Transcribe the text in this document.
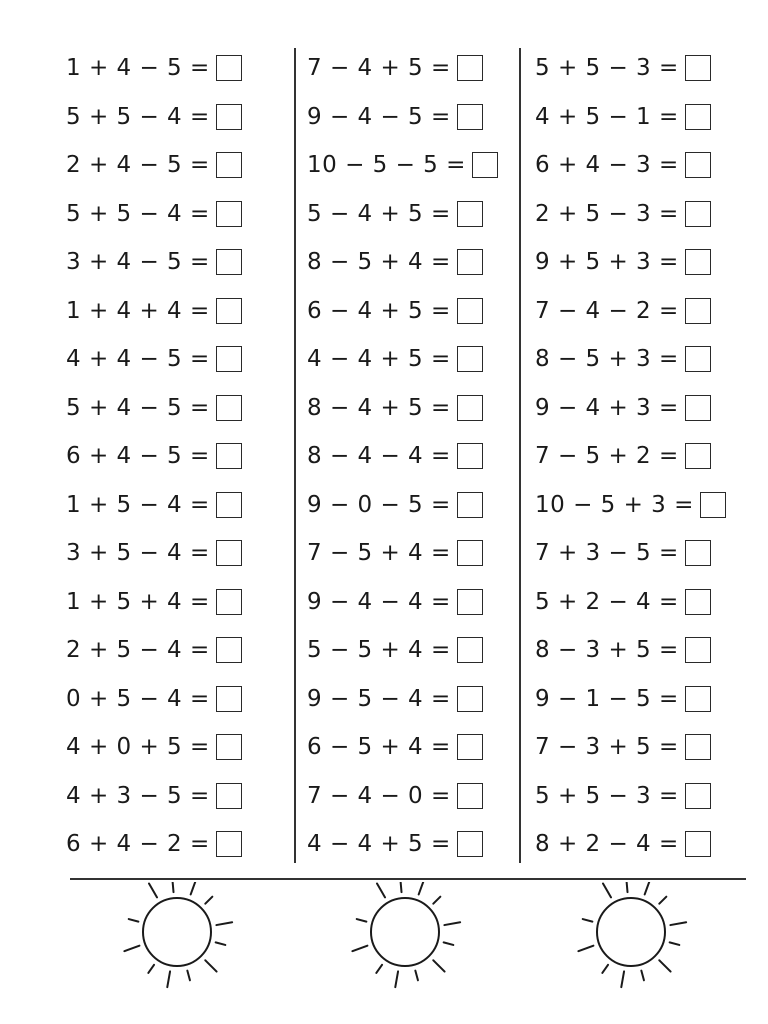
1 + 4 − 5 =
5 + 5 − 4 =
2 + 4 − 5 =
5 + 5 − 4 =
3 + 4 − 5 =
1 + 4 + 4 =
4 + 4 − 5 =
5 + 4 − 5 =
6 + 4 − 5 =
1 + 5 − 4 =
3 + 5 − 4 =
1 + 5 + 4 =
2 + 5 − 4 =
0 + 5 − 4 =
4 + 0 + 5 =
4 + 3 − 5 =
6 + 4 − 2 =
7 − 4 + 5 =
9 − 4 − 5 =
10 − 5 − 5 =
5 − 4 + 5 =
8 − 5 + 4 =
6 − 4 + 5 =
4 − 4 + 5 =
8 − 4 + 5 =
8 − 4 − 4 =
9 − 0 − 5 =
7 − 5 + 4 =
9 − 4 − 4 =
5 − 5 + 4 =
9 − 5 − 4 =
6 − 5 + 4 =
7 − 4 − 0 =
4 − 4 + 5 =
5 + 5 − 3 =
4 + 5 − 1 =
6 + 4 − 3 =
2 + 5 − 3 =
9 + 5 + 3 =
7 − 4 − 2 =
8 − 5 + 3 =
9 − 4 + 3 =
7 − 5 + 2 =
10 − 5 + 3 =
7 + 3 − 5 =
5 + 2 − 4 =
8 − 3 + 5 =
9 − 1 − 5 =
7 − 3 + 5 =
5 + 5 − 3 =
8 + 2 − 4 =
